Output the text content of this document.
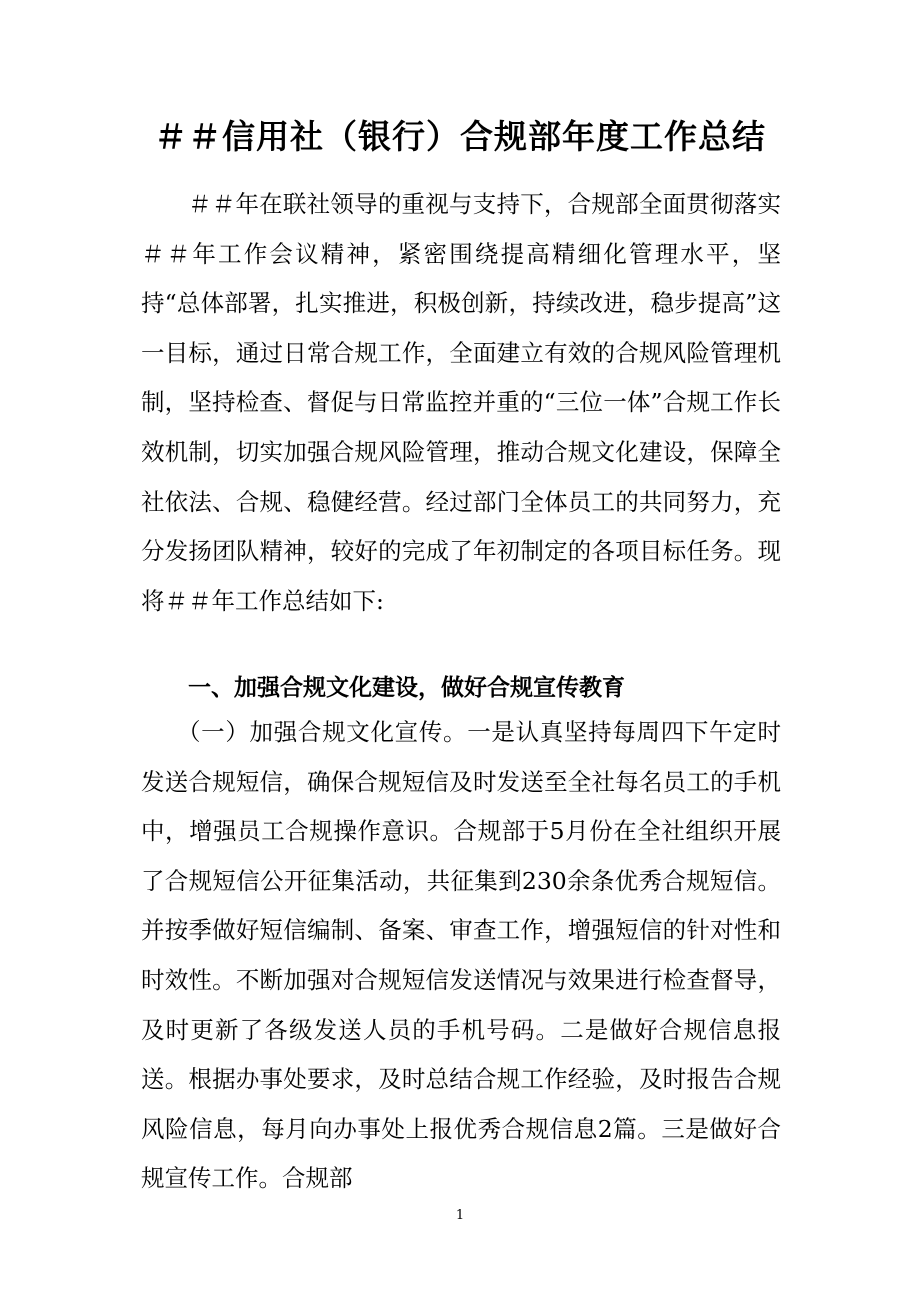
＃＃信用社（银行）合规部年度工作总结

＃＃年在联社领导的重视与支持下，合规部全面贯彻落实＃＃年工作会议精神，紧密围绕提高精细化管理水平，坚持“总体部署，扎实推进，积极创新，持续改进，稳步提高”这一目标，通过日常合规工作，全面建立有效的合规风险管理机制，坚持检查、督促与日常监控并重的“三位一体”合规工作长效机制，切实加强合规风险管理，推动合规文化建设，保障全社依法、合规、稳健经营。经过部门全体员工的共同努力，充分发扬团队精神，较好的完成了年初制定的各项目标任务。现将＃＃年工作总结如下:

一、加强合规文化建设，做好合规宣传教育

（一）加强合规文化宣传。一是认真坚持每周四下午定时发送合规短信，确保合规短信及时发送至全社每名员工的手机中，增强员工合规操作意识。合规部于5月份在全社组织开展了合规短信公开征集活动，共征集到230余条优秀合规短信。并按季做好短信编制、备案、审查工作，增强短信的针对性和时效性。不断加强对合规短信发送情况与效果进行检查督导，及时更新了各级发送人员的手机号码。二是做好合规信息报送。根据办事处要求，及时总结合规工作经验，及时报告合规风险信息，每月向办事处上报优秀合规信息2篇。三是做好合规宣传工作。合规部

1
